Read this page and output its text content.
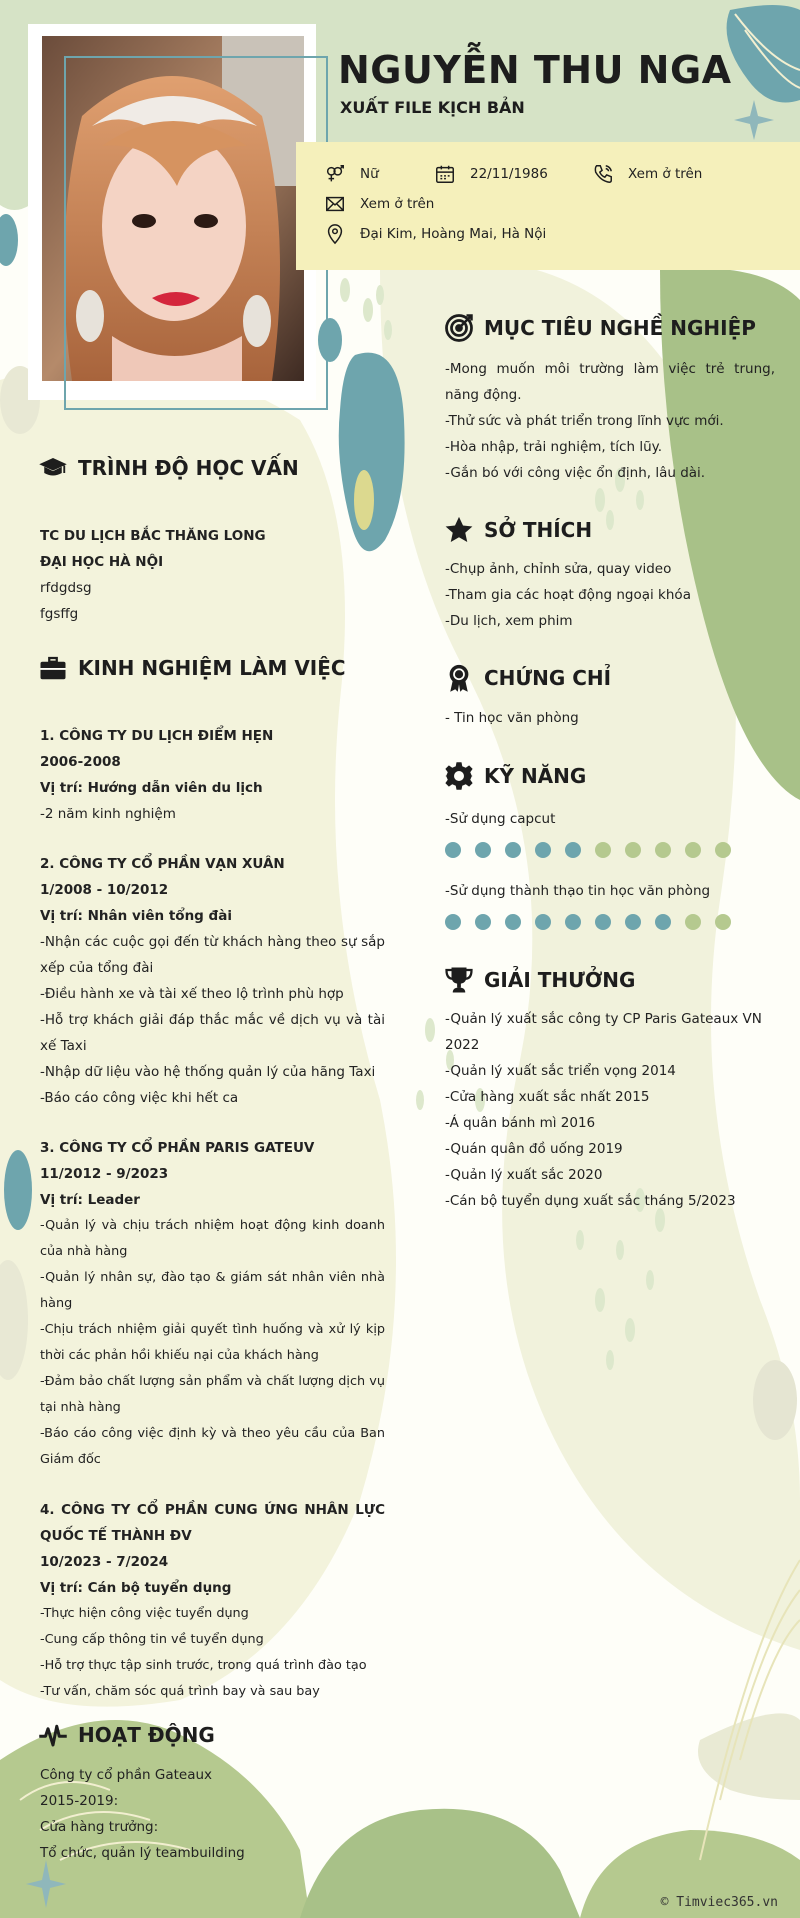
NGUYỄN THU NGA
XUẤT FILE KỊCH BẢN
Nữ	22/11/1986	Xem ở trên
Xem ở trên
Đại Kim, Hoàng Mai, Hà Nội
TRÌNH ĐỘ HỌC VẤN

TC DU LỊCH BẮC THĂNG LONG

ĐẠI HỌC HÀ NỘI

rfdgdsg

fgsffg

KINH NGHIỆM LÀM VIỆC

1. CÔNG TY DU LỊCH ĐIỂM HẸN

2006-2008

Vị trí: Hướng dẫn viên du lịch

-2 năm kinh nghiệm

2. CÔNG TY CỔ PHẦN VẠN XUÂN

1/2008 - 10/2012

Vị trí: Nhân viên tổng đài

-Nhận các cuộc gọi đến từ khách hàng theo sự sắp xếp của tổng đài

-Điều hành xe và tài xế theo lộ trình phù hợp

-Hỗ trợ khách giải đáp thắc mắc về dịch vụ và tài xế Taxi

-Nhập dữ liệu vào hệ thống quản lý của hãng Taxi

-Báo cáo công việc khi hết ca

3. CÔNG TY CỔ PHẦN PARIS GATEUV

11/2012 - 9/2023

Vị trí: Leader

-Quản lý và chịu trách nhiệm hoạt động kinh doanh của nhà hàng

-Quản lý nhân sự, đào tạo & giám sát nhân viên nhà hàng

-Chịu trách nhiệm giải quyết tình huống và xử lý kịp thời các phản hồi khiếu nại của khách hàng

-Đảm bảo chất lượng sản phẩm và chất lượng dịch vụ tại nhà hàng

-Báo cáo công việc định kỳ và theo yêu cầu của Ban Giám đốc

4. CÔNG TY CỔ PHẦN CUNG ỨNG NHÂN LỰC QUỐC TẾ THÀNH ĐV

10/2023 - 7/2024

Vị trí: Cán bộ tuyển dụng

-Thực hiện công việc tuyển dụng

-Cung cấp thông tin về tuyển dụng

-Hỗ trợ thực tập sinh trước, trong quá trình đào tạo

-Tư vấn, chăm sóc quá trình bay và sau bay

HOẠT ĐỘNG

Công ty cổ phần Gateaux

2015-2019:

Cửa hàng trưởng:

Tổ chức, quản lý teambuilding

MỤC TIÊU NGHỀ NGHIỆP

-Mong muốn môi trường làm việc trẻ trung, năng động.

-Thử sức và phát triển trong lĩnh vực mới.

-Hòa nhập, trải nghiệm, tích lũy.

-Gắn bó với công việc ổn định, lâu dài.

SỞ THÍCH

-Chụp ảnh, chỉnh sửa, quay video

-Tham gia các hoạt động ngoại khóa

-Du lịch, xem phim

CHỨNG CHỈ

- Tin học văn phòng

KỸ NĂNG
-Sử dụng capcut
-Sử dụng thành thạo tin học văn phòng
GIẢI THƯỞNG

-Quản lý xuất sắc công ty CP Paris Gateaux VN 2022

-Quản lý xuất sắc triển vọng 2014

-Cửa hàng xuất sắc nhất 2015

-Á quân bánh mì 2016

-Quán quân đồ uống 2019

-Quản lý xuất sắc 2020

-Cán bộ tuyển dụng xuất sắc tháng 5/2023

© Timviec365.vn
